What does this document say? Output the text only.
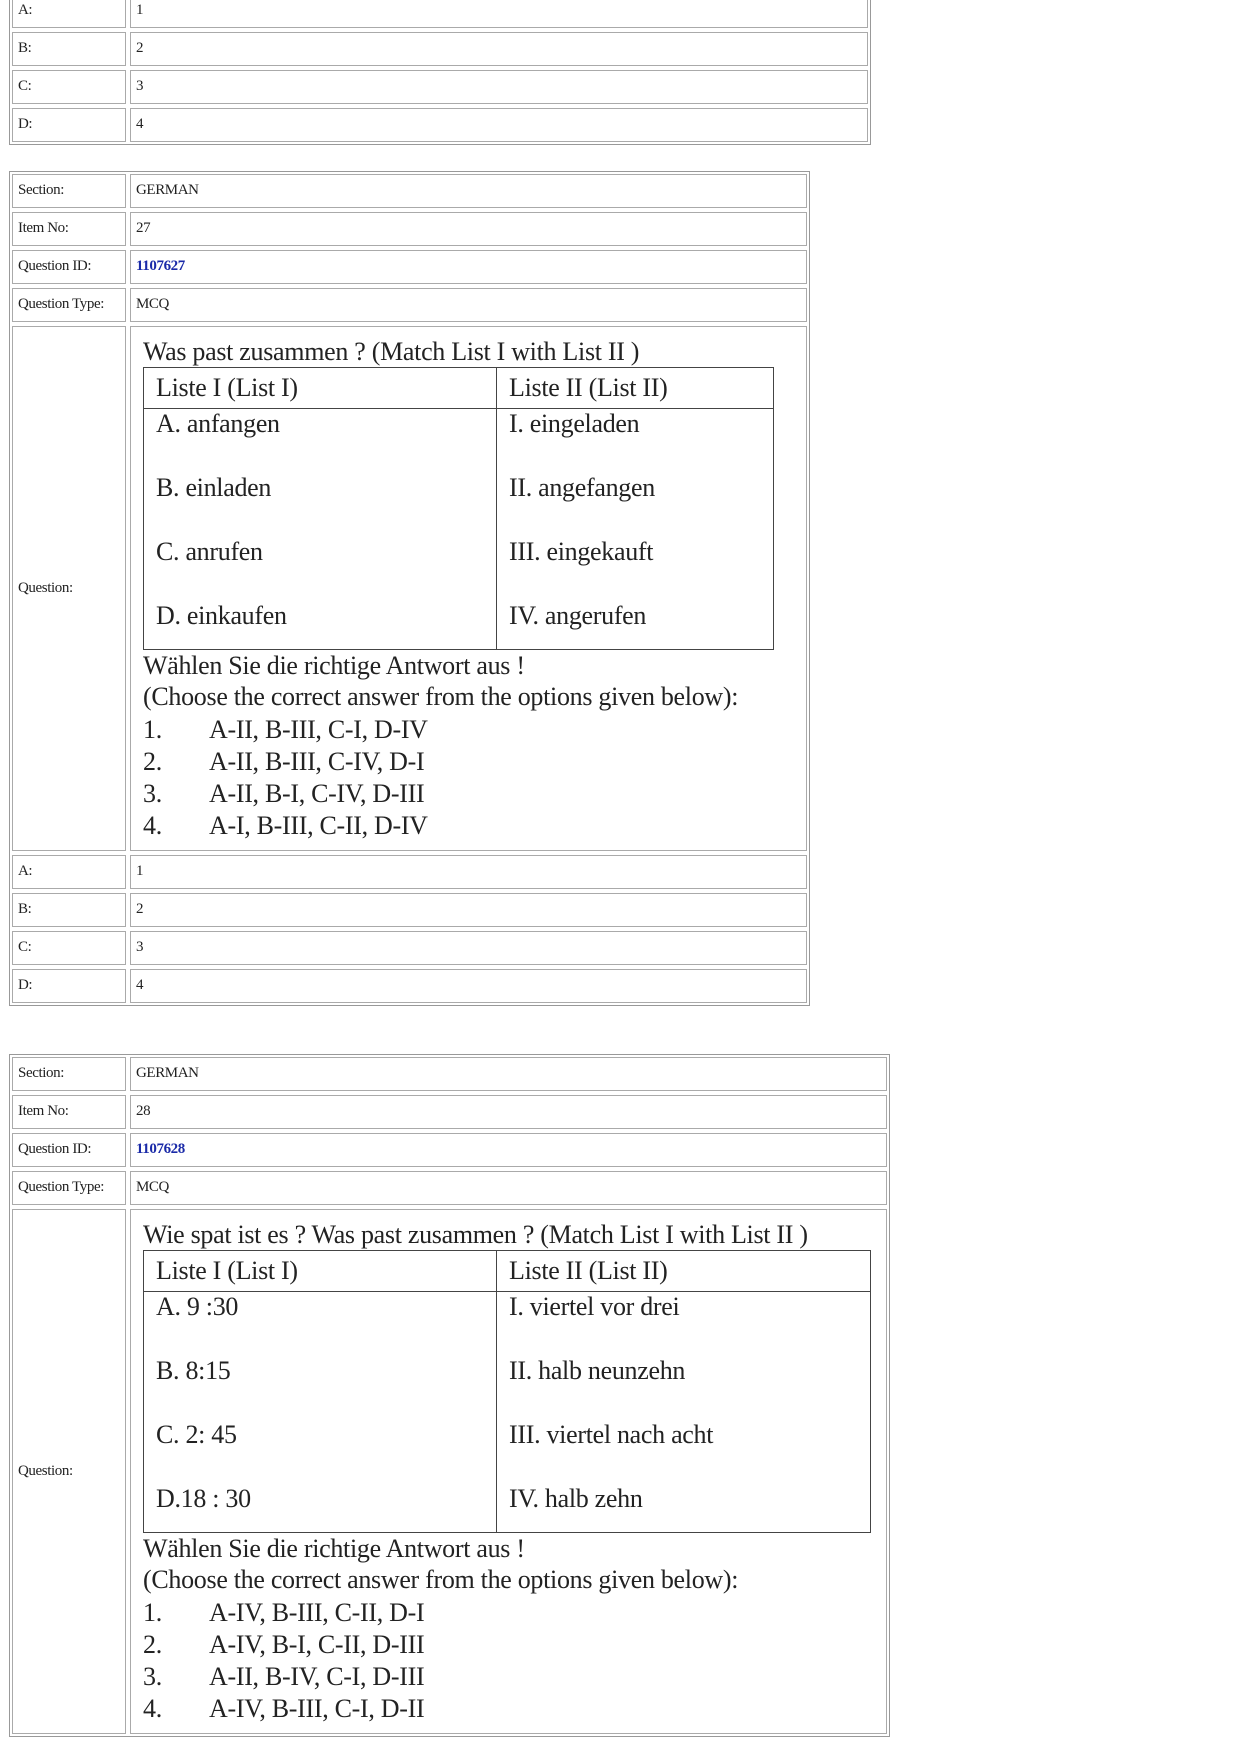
A:	1
B:	2
C:	3
D:	4
Section:	GERMAN
Item No:	27
Question ID:	1107627
Question Type:	MCQ
Question:
Was past zusammen ? (Match List I with List II )
Liste I (List I)	Liste II (List II)
A. anfangen	I. eingeladen
B. einladen	II. angefangen
C. anrufen	III. eingekauft
D. einkaufen	IV. angerufen
Wählen Sie die richtige Antwort aus !
(Choose the correct answer from the options given below):
1.	A-II, B-III, C-I, D-IV
2.	A-II, B-III, C-IV, D-I
3.	A-II, B-I, C-IV, D-III
4.	A-I, B-III, C-II, D-IV
A:	1
B:	2
C:	3
D:	4
Section:	GERMAN
Item No:	28
Question ID:	1107628
Question Type:	MCQ
Question:
Wie spat ist es ? Was past zusammen ? (Match List I with List II )
Liste I (List I)	Liste II (List II)
A. 9 :30	I. viertel vor drei
B. 8:15	II. halb neunzehn
C. 2: 45	III. viertel nach acht
D.18 : 30	IV. halb zehn
Wählen Sie die richtige Antwort aus !
(Choose the correct answer from the options given below):
1.	A-IV, B-III, C-II, D-I
2.	A-IV, B-I, C-II, D-III
3.	A-II, B-IV, C-I, D-III
4.	A-IV, B-III, C-I, D-II
